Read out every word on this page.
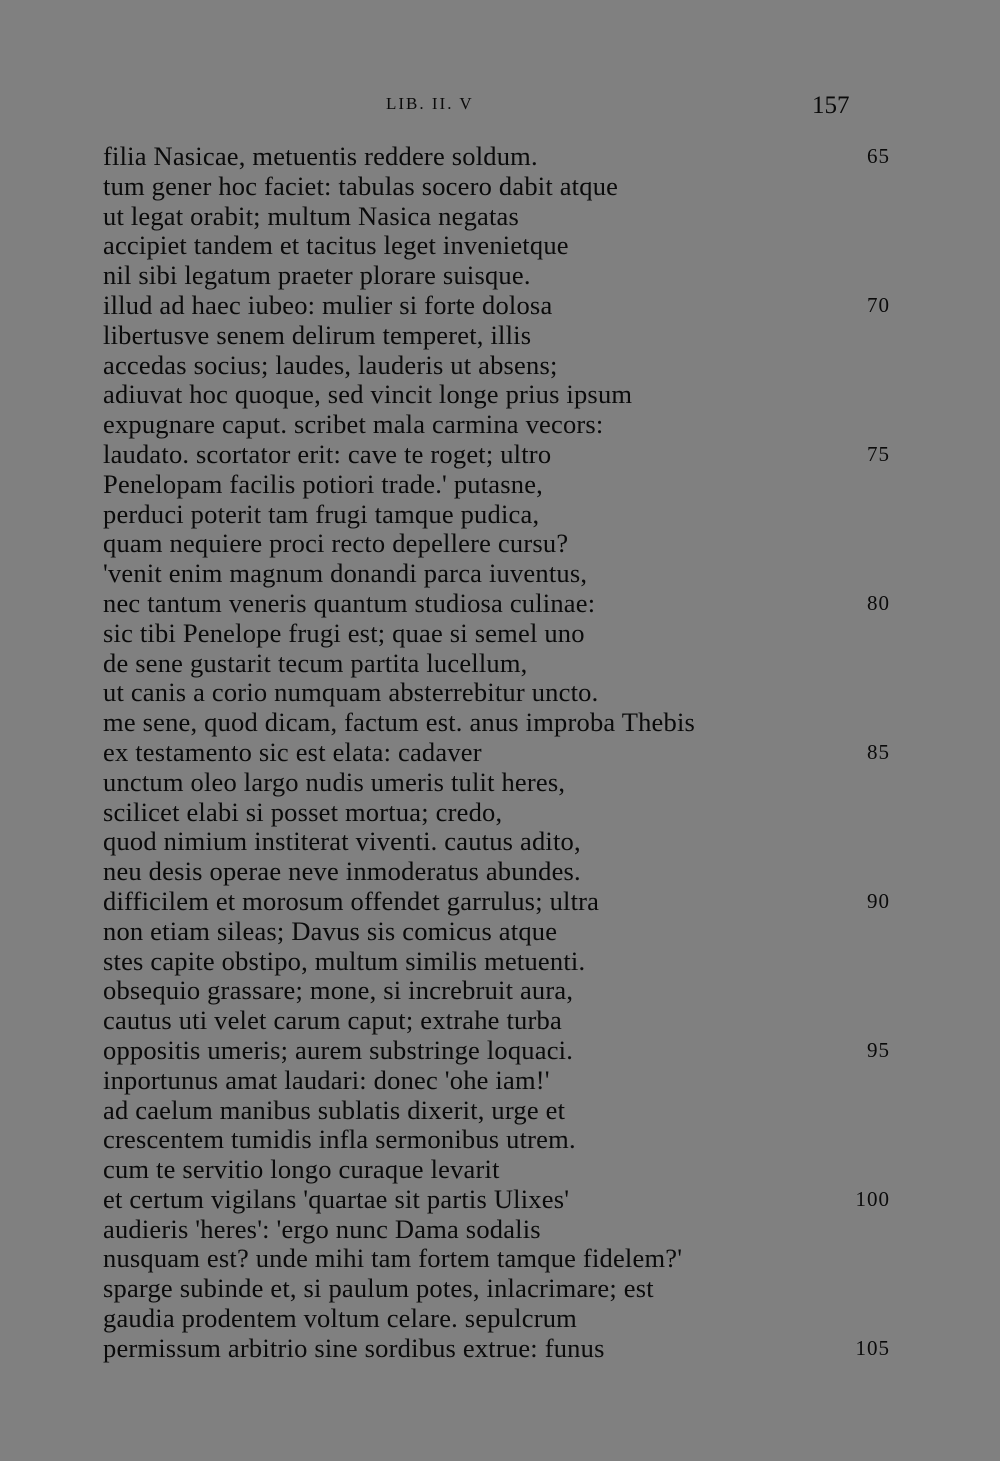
LIB. II. V	157
filia Nasicae, metuentis reddere soldum.	65
tum gener hoc faciet: tabulas socero dabit atque
ut legat orabit; multum Nasica negatas
accipiet tandem et tacitus leget invenietque
nil sibi legatum praeter plorare suisque.
illud ad haec iubeo: mulier si forte dolosa	70
libertusve senem delirum temperet, illis
accedas socius; laudes, lauderis ut absens;
adiuvat hoc quoque, sed vincit longe prius ipsum
expugnare caput. scribet mala carmina vecors:
laudato. scortator erit: cave te roget; ultro	75
Penelopam facilis potiori trade.' putasne,
perduci poterit tam frugi tamque pudica,
quam nequiere proci recto depellere cursu?
'venit enim magnum donandi parca iuventus,
nec tantum veneris quantum studiosa culinae:	80
sic tibi Penelope frugi est; quae si semel uno
de sene gustarit tecum partita lucellum,
ut canis a corio numquam absterrebitur uncto.
me sene, quod dicam, factum est. anus improba Thebis
ex testamento sic est elata: cadaver	85
unctum oleo largo nudis umeris tulit heres,
scilicet elabi si posset mortua; credo,
quod nimium institerat viventi. cautus adito,
neu desis operae neve inmoderatus abundes.
difficilem et morosum offendet garrulus; ultra	90
non etiam sileas; Davus sis comicus atque
stes capite obstipo, multum similis metuenti.
obsequio grassare; mone, si increbruit aura,
cautus uti velet carum caput; extrahe turba
oppositis umeris; aurem substringe loquaci.	95
inportunus amat laudari: donec 'ohe iam!'
ad caelum manibus sublatis dixerit, urge et
crescentem tumidis infla sermonibus utrem.
cum te servitio longo curaque levarit
et certum vigilans 'quartae sit partis Ulixes'	100
audieris 'heres': 'ergo nunc Dama sodalis
nusquam est? unde mihi tam fortem tamque fidelem?'
sparge subinde et, si paulum potes, inlacrimare; est
gaudia prodentem voltum celare. sepulcrum
permissum arbitrio sine sordibus extrue: funus	105
